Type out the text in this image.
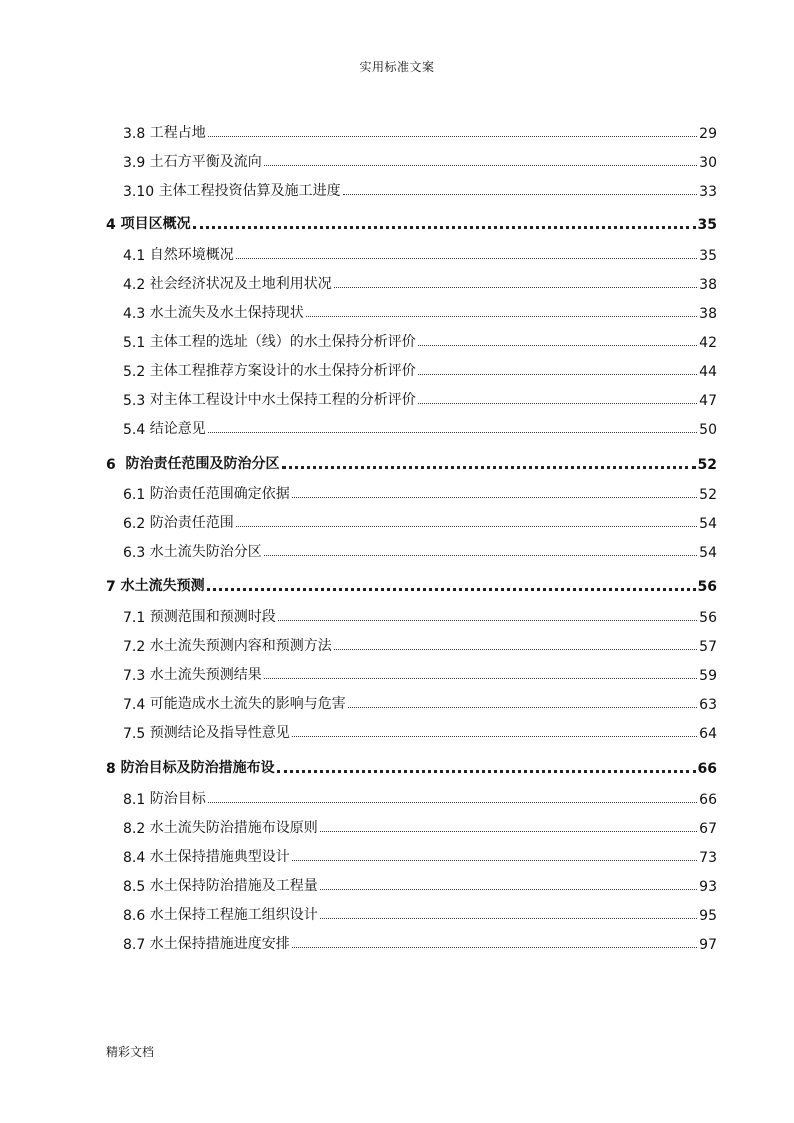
实用标准文案
3.8 工程占地	29
3.9 土石方平衡及流向	30
3.10 主体工程投资估算及施工进度	33
4 项目区概况	35
4.1 自然环境概况	35
4.2 社会经济状况及土地利用状况	38
4.3 水土流失及水土保持现状	38
5.1 主体工程的选址（线）的水土保持分析评价	42
5.2 主体工程推荐方案设计的水土保持分析评价	44
5.3 对主体工程设计中水土保持工程的分析评价	47
5.4 结论意见	50
6 防治责任范围及防治分区	52
6.1 防治责任范围确定依据	52
6.2 防治责任范围	54
6.3 水土流失防治分区	54
7 水土流失预测	56
7.1 预测范围和预测时段	56
7.2 水土流失预测内容和预测方法	57
7.3 水土流失预测结果	59
7.4 可能造成水土流失的影响与危害	63
7.5 预测结论及指导性意见	64
8 防治目标及防治措施布设	66
8.1 防治目标	66
8.2 水土流失防治措施布设原则	67
8.4 水土保持措施典型设计	73
8.5 水土保持防治措施及工程量	93
8.6 水土保持工程施工组织设计	95
8.7 水土保持措施进度安排	97
精彩文档
